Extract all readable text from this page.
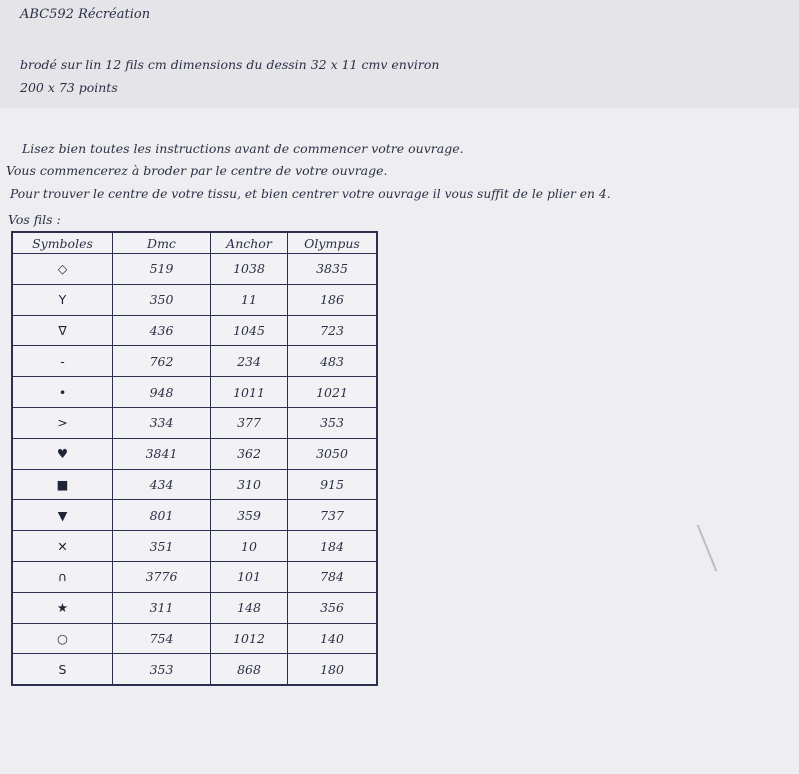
ABC592 Récréation
brodé sur lin 12 fils cm dimensions du dessin 32 x 11 cmv environ
200 x 73 points
Lisez bien toutes les instructions avant de commencer votre ouvrage.
Vous commencerez à broder par le centre de votre ouvrage.
Pour trouver le centre de votre tissu, et bien centrer votre ouvrage il vous suffit de le plier en 4.
Vos fils :
Symboles	Dmc	Anchor	Olympus
◇	519	1038	3835
Y	350	11	186
∇	436	1045	723
-	762	234	483
•	948	1011	1021
>	334	377	353
♥	3841	362	3050
■	434	310	915
▼	801	359	737
✕	351	10	184
∩	3776	101	784
★	311	148	356
○	754	1012	140
S	353	868	180
